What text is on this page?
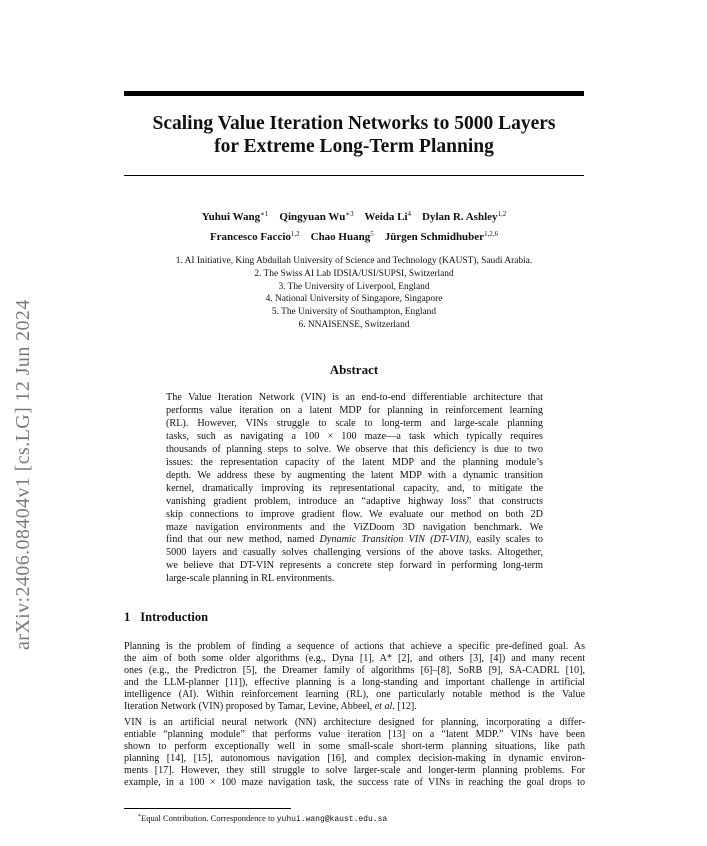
arXiv:2406.08404v1 [cs.LG] 12 Jun 2024
Scaling Value Iteration Networks to 5000 Layers
for Extreme Long-Term Planning
Yuhui Wang$^{∗1}$ Qingyuan $Wu^{∗3}$ Weida Li$^4$ Dylan R. Ashley$^{1,2}$
Francesco Faccio$^{1,2}$ Chao Huang$^5$ Jürgen Schmidhuber$^{1,2,6}$
1. AI Initiative, King Abdullah University of Science and Technology (KAUST), Saudi Arabia.
2. The Swiss AI Lab IDSIA/USI/SUPSI, Switzerland
3. The University of Liverpool, England
4. National University of Singapore, Singapore
5. The University of Southampton, England
6. NNAISENSE, Switzerland
Abstract
The Value Iteration Network (VIN) is an end-to-end differentiable architecture that
performs value iteration on a latent MDP for planning in reinforcement learning
(RL). However, VINs struggle to scale to long-term and large-scale planning
tasks, such as navigating a 100 × 100 maze—a task which typically requires
thousands of planning steps to solve. We observe that this deficiency is due to two
issues: the representation capacity of the latent MDP and the planning module’s
depth. We address these by augmenting the latent MDP with a dynamic transition
kernel, dramatically improving its representational capacity, and, to mitigate the
vanishing gradient problem, introduce an “adaptive highway loss” that constructs
skip connections to improve gradient flow. We evaluate our method on both 2D
maze navigation environments and the ViZDoom 3D navigation benchmark. We
find that our new method, named Dynamic Transition VIN (DT-VIN), easily scales to
5000 layers and casually solves challenging versions of the above tasks. Altogether,
we believe that DT-VIN represents a concrete step forward in performing long-term
large-scale planning in RL environments.
1 Introduction
Planning is the problem of finding a sequence of actions that achieve a specific pre-defined goal. As
the aim of both some older algorithms (e.g., Dyna [1], A* [2], and others [3], [4]) and many recent
ones (e.g., the Predictron [5], the Dreamer family of algorithms [6]–[8], SoRB [9], SA-CADRL [10],
and the LLM-planner [11]), effective planning is a long-standing and important challenge in artificial
intelligence (AI). Within reinforcement learning (RL), one particularly notable method is the Value
Iteration Network (VIN) proposed by Tamar, Levine, Abbeel, et al. [12].
VIN is an artificial neural network (NN) architecture designed for planning, incorporating a differ-
entiable “planning module” that performs value iteration [13] on a “latent MDP.” VINs have been
shown to perform exceptionally well in some small-scale short-term planning situations, like path
planning [14], [15], autonomous navigation [16], and complex decision-making in dynamic environ-
ments [17]. However, they still struggle to solve larger-scale and longer-term planning problems. For
example, in a 100 × 100 maze navigation task, the success rate of VINs in reaching the goal drops to
*Equal Contribution. Correspondence to yuhui.wang@kaust.edu.sa
